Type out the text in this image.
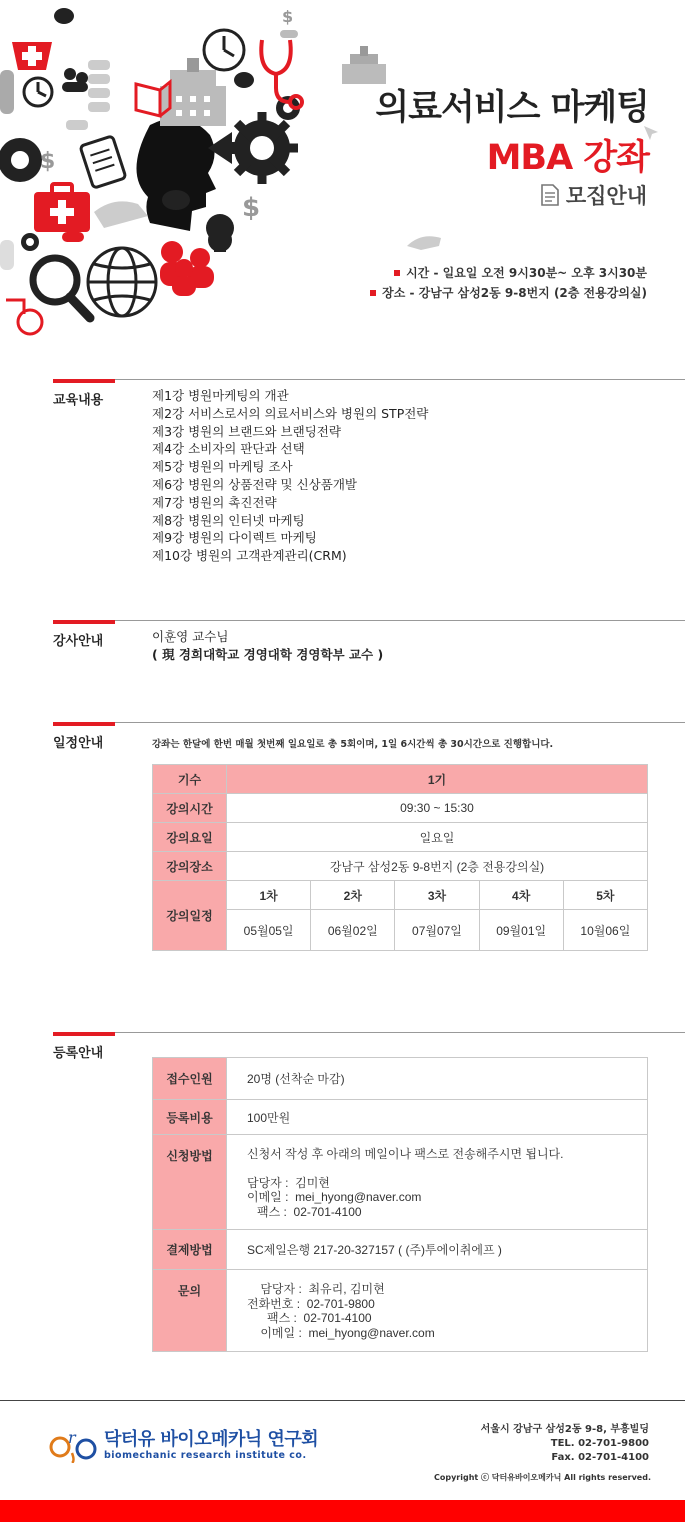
$
$
$
의료서비스 마케팅
MBA 강좌
모집안내
시간 - 일요일 오전 9시30분~ 오후 3시30분
장소 - 강남구 삼성2동 9-8번지 (2층 전용강의실)
교육내용	제1강 병원마케팅의 개관
제2강 서비스로서의 의료서비스와 병원의 STP전략
제3강 병원의 브랜드와 브랜딩전략
제4강 소비자의 판단과 선택
제5강 병원의 마케팅 조사
제6강 병원의 상품전략 및 신상품개발
제7강 병원의 촉진전략
제8강 병원의 인터넷 마케팅
제9강 병원의 다이렉트 마케팅
제10강 병원의 고객관계관리(CRM)
강사안내	이훈영 교수님
( 現 경희대학교 경영대학 경영학부 교수 )
일정안내	강좌는 한달에 한번 매월 첫번째 일요일로 총 5회이며, 1일 6시간씩 총 30시간으로 진행합니다.
기수	1기				
강의시간	09:30 ~ 15:30				
강의요일	일요일				
강의장소	강남구 삼성2동 9-8번지 (2층 전용강의실)				
강의일정	1차	2차	3차	4차	5차
	05월05일	06월02일	07월07일	09월01일	10월06일
등록안내
접수인원	20명 (선착순 마감)
등록비용	100만원
신청방법	신청서 작성 후 아래의 메일이나 팩스로 전송해주시면 됩니다.
담당자 :  김미현
이메일 :  mei_hyong@naver.com
팩스 :  02-701-4100

결제방법	SC제일은행 217-20-327157 ( (주)투에이취에프 )
문의	담당자 :  최유리, 김미현
전화번호 :  02-701-9800
팩스 :  02-701-4100
이메일 :  mei_hyong@naver.com
r 닥터유 바이오메카닉 연구회
biomechanic research institute co.
서울시 강남구 삼성2동 9-8, 부흥빌딩
TEL. 02-701-9800
Fax. 02-701-4100
Copyright ⓒ 닥터유바이오메카닉 All rights reserved.
